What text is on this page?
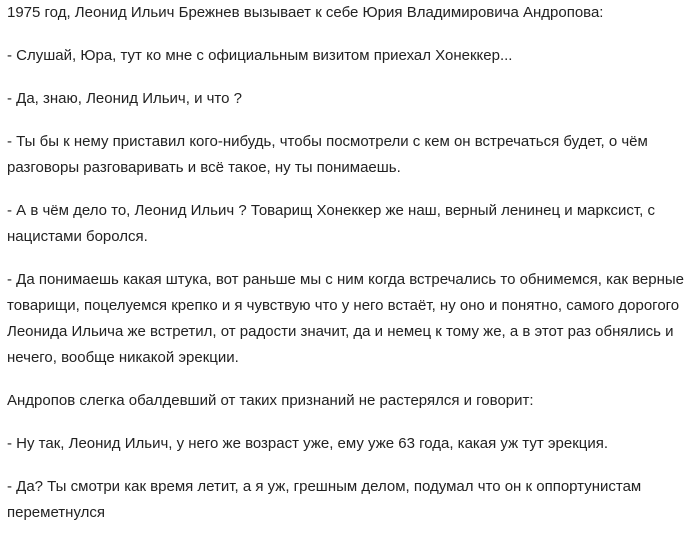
1975 год, Леонид Ильич Брежнев вызывает к себе Юрия Владимировича Андропова:

- Слушай, Юра, тут ко мне с официальным визитом приехал Хонеккер...

- Да, знаю, Леонид Ильич, и что ?

- Ты бы к нему приставил кого-нибудь, чтобы посмотрели с кем он встречаться будет, о чём разговоры разговаривать и всё такое, ну ты понимаешь.

- А в чём дело то, Леонид Ильич ? Товарищ Хонеккер же наш, верный ленинец и марксист, с нацистами боролся.

- Да понимаешь какая штука, вот раньше мы с ним когда встречались то обнимемся, как верные товарищи, поцелуемся крепко и я чувствую что у него встаёт, ну оно и понятно, самого дорогого Леонида Ильича же встретил, от радости значит, да и немец к тому же, а в этот раз обнялись и нечего, вообще никакой эрекции.

Андропов слегка обалдевший от таких признаний не растерялся и говорит:

- Ну так, Леонид Ильич, у него же возраст уже, ему уже 63 года, какая уж тут эрекция.

- Да? Ты смотри как время летит, а я уж, грешным делом, подумал что он к оппортунистам переметнулся
